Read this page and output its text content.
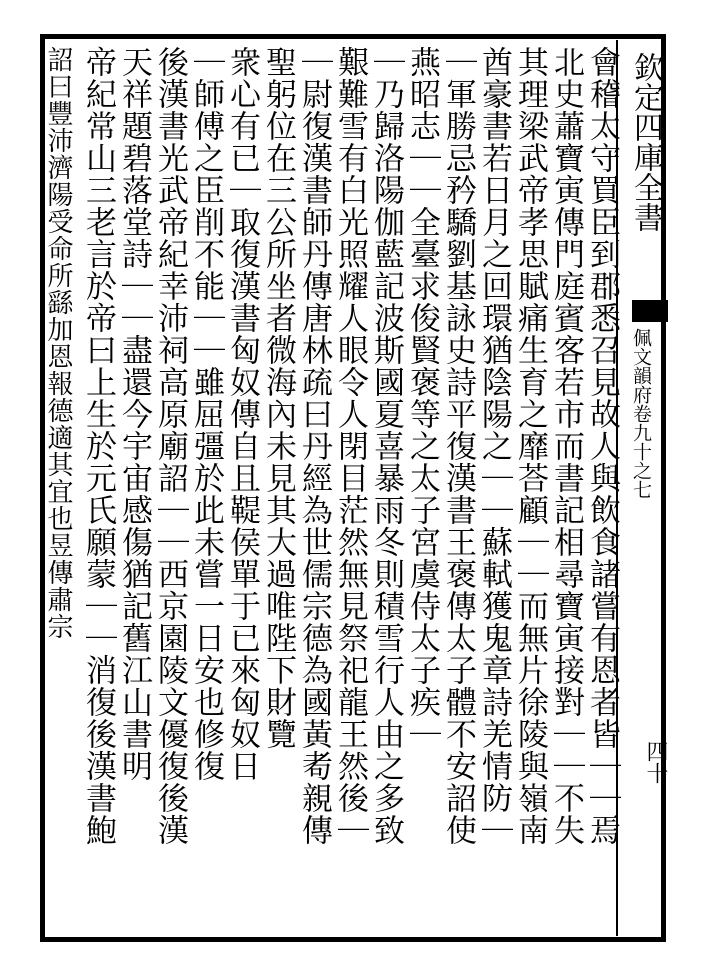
欽定四庫全書
佩文韻府卷九十之七
四十
會稽太守買臣到郡悉召見故人與飲食諸嘗有恩者皆｜｜焉
北史蕭寶寅傳門庭賓客若市而書記相尋寶寅接對｜｜不失
其理梁武帝孝思賦痛生育之靡荅顧｜｜而無片徐陵與嶺南
酋豪書若日月之回環猶陰陽之｜｜蘇軾獲鬼章詩羌情防｜
｜軍勝忌矜驕劉基詠史詩平復漢書王褒傳太子體不安詔使
燕昭志｜｜全臺求俊賢褒等之太子宮虞侍太子疾｜
｜乃歸洛陽伽藍記波斯國夏喜暴雨冬則積雪行人由之多致
艱難雪有白光照耀人眼令人閉目茫然無見祭祀龍王然後｜
｜尉復漢書師丹傳唐林疏曰丹經為世儒宗德為國黃耇親傳
聖躬位在三公所坐者微海內未見其大過唯陛下財覽
衆心有已｜取復漢書匈奴傳自且鞮侯單于已來匈奴日
｜師傅之臣削不能｜｜雖屈彊於此未嘗一日安也修復
後漢書光武帝紀幸沛祠高原廟詔｜｜西京園陵文優復後漢
天祥題碧落堂詩｜｜盡還今宇宙感傷猶記舊江山書明
帝紀常山三老言於帝曰上生於元氏願蒙｜｜消復後漢書鮑
詔曰豐沛濟陽受命所繇加恩報德適其宜也昱傳肅宗
